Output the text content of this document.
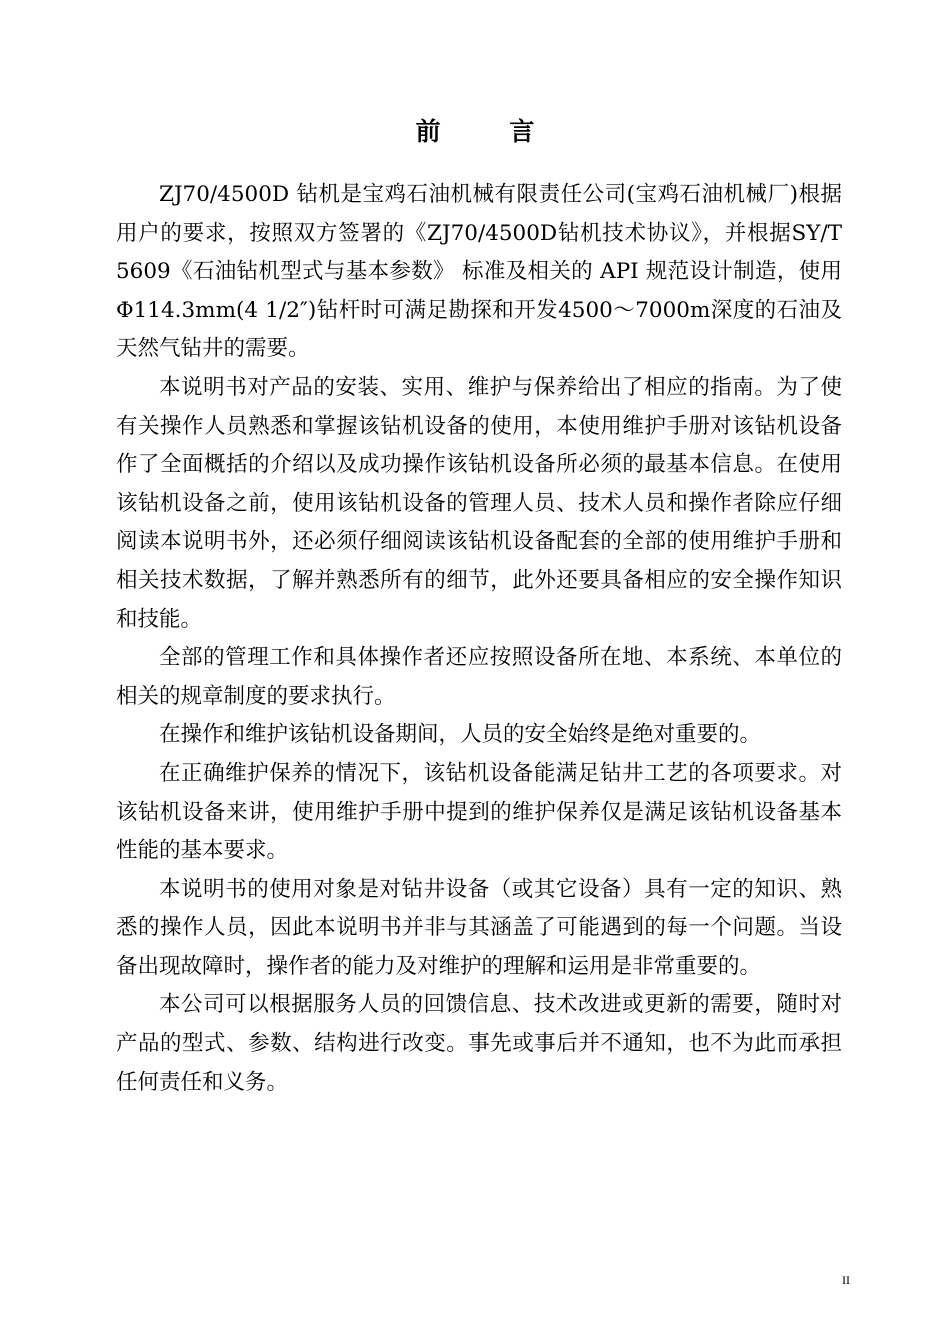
前 言

ZJ70/4500D 钻机是宝鸡石油机械有限责任公司(宝鸡石油机械厂)根据用户的要求，按照双方签署的《ZJ70/4500D钻机技术协议》，并根据SY/T 5609《石油钻机型式与基本参数》 标准及相关的 API 规范设计制造，使用Φ114.3mm(4 1/2″)钻杆时可满足勘探和开发4500～7000m深度的石油及天然气钻井的需要。

本说明书对产品的安装、实用、维护与保养给出了相应的指南。为了使有关操作人员熟悉和掌握该钻机设备的使用，本使用维护手册对该钻机设备作了全面概括的介绍以及成功操作该钻机设备所必须的最基本信息。在使用该钻机设备之前，使用该钻机设备的管理人员、技术人员和操作者除应仔细阅读本说明书外，还必须仔细阅读该钻机设备配套的全部的使用维护手册和相关技术数据，了解并熟悉所有的细节，此外还要具备相应的安全操作知识和技能。

全部的管理工作和具体操作者还应按照设备所在地、本系统、本单位的相关的规章制度的要求执行。

在操作和维护该钻机设备期间，人员的安全始终是绝对重要的。

在正确维护保养的情况下，该钻机设备能满足钻井工艺的各项要求。对该钻机设备来讲，使用维护手册中提到的维护保养仅是满足该钻机设备基本性能的基本要求。

本说明书的使用对象是对钻井设备（或其它设备）具有一定的知识、熟悉的操作人员，因此本说明书并非与其涵盖了可能遇到的每一个问题。当设备出现故障时，操作者的能力及对维护的理解和运用是非常重要的。

本公司可以根据服务人员的回馈信息、技术改进或更新的需要，随时对产品的型式、参数、结构进行改变。事先或事后并不通知，也不为此而承担任何责任和义务。

II
